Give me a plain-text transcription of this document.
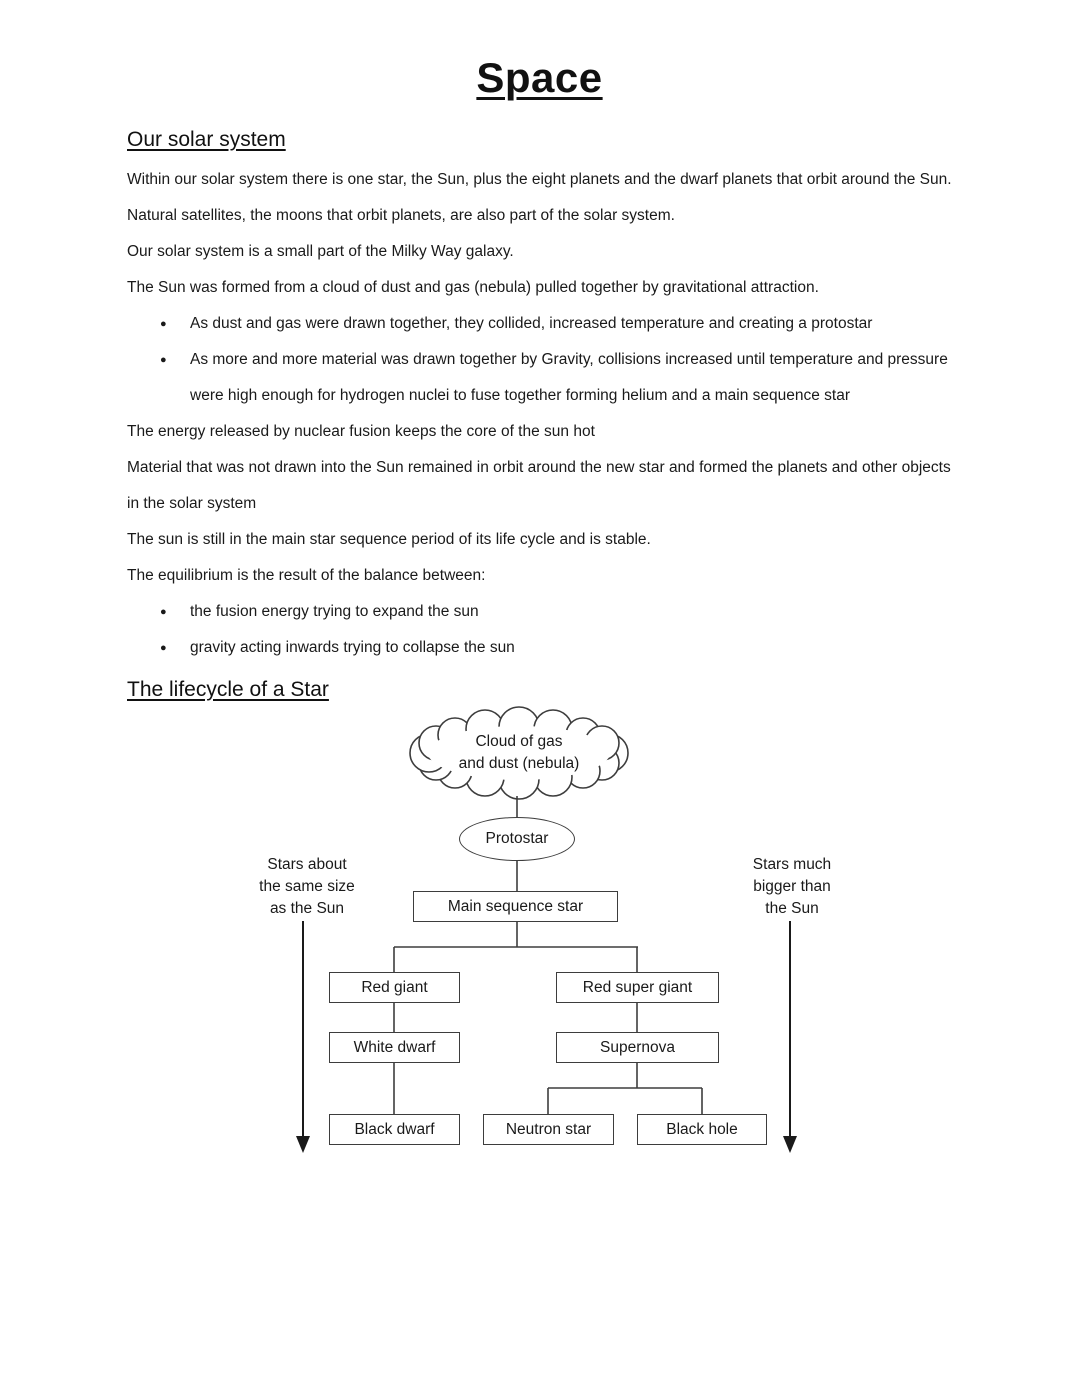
Space
Our solar system

Within our solar system there is one star, the Sun, plus the eight planets and the dwarf planets that orbit around the Sun.

Natural satellites, the moons that orbit planets, are also part of the solar system.

Our solar system is a small part of the Milky Way galaxy.

The Sun was formed from a cloud of dust and gas (nebula) pulled together by gravitational attraction.

●	As dust and gas were drawn together, they collided, increased temperature and creating a protostar
●	As more and more material was drawn together by Gravity, collisions increased until temperature and pressure were high enough for hydrogen nuclei to fuse together forming helium and a main sequence star

The energy released by nuclear fusion keeps the core of the sun hot

Material that was not drawn into the Sun remained in orbit around the new star and formed the planets and other objects in the solar system

The sun is still in the main star sequence period of its life cycle and is stable.

The equilibrium is the result of the balance between:

●	the fusion energy trying to expand the sun
●	gravity acting inwards trying to collapse the sun
The lifecycle of a Star
Cloud of gas
and dust (nebula)
Protostar
Main sequence star
Red giant	Red super giant
White dwarf	Supernova
Black dwarf	Neutron star	Black hole
Stars about
the same size
as the Sun
Stars much
bigger than
the Sun
